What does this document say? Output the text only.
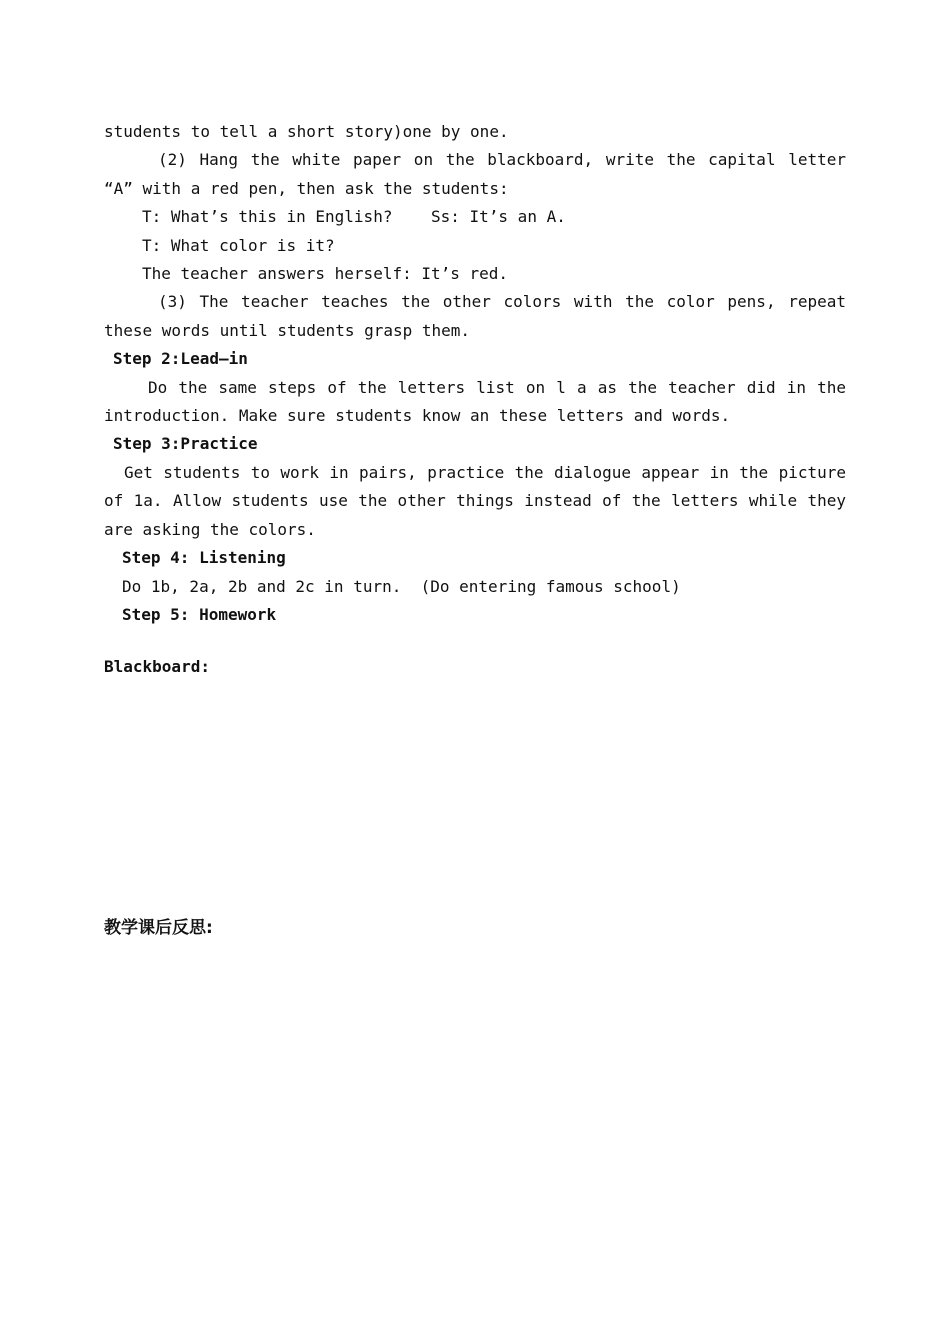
students to tell a short story)one by one.

(2) Hang the white paper on the blackboard, write the capital letter

“A” with a red pen, then ask the students:

T: What’s this in English? Ss: It’s an A.

T: What color is it?

The teacher answers herself: It’s red.

(3) The teacher teaches the other colors with the color pens, repeat

these words until students grasp them.

Step 2:Lead—in

Do the same steps of the letters list on l a as the teacher did in the

introduction. Make sure students know an these letters and words.

Step 3:Practice

Get students to work in pairs, practice the dialogue appear in the picture

of 1a. Allow students use the other things instead of the letters while they

are asking the colors.

Step 4: Listening

Do 1b, 2a, 2b and 2c in turn.  (Do entering famous school)

Step 5: Homework

Blackboard:

教学课后反思:
